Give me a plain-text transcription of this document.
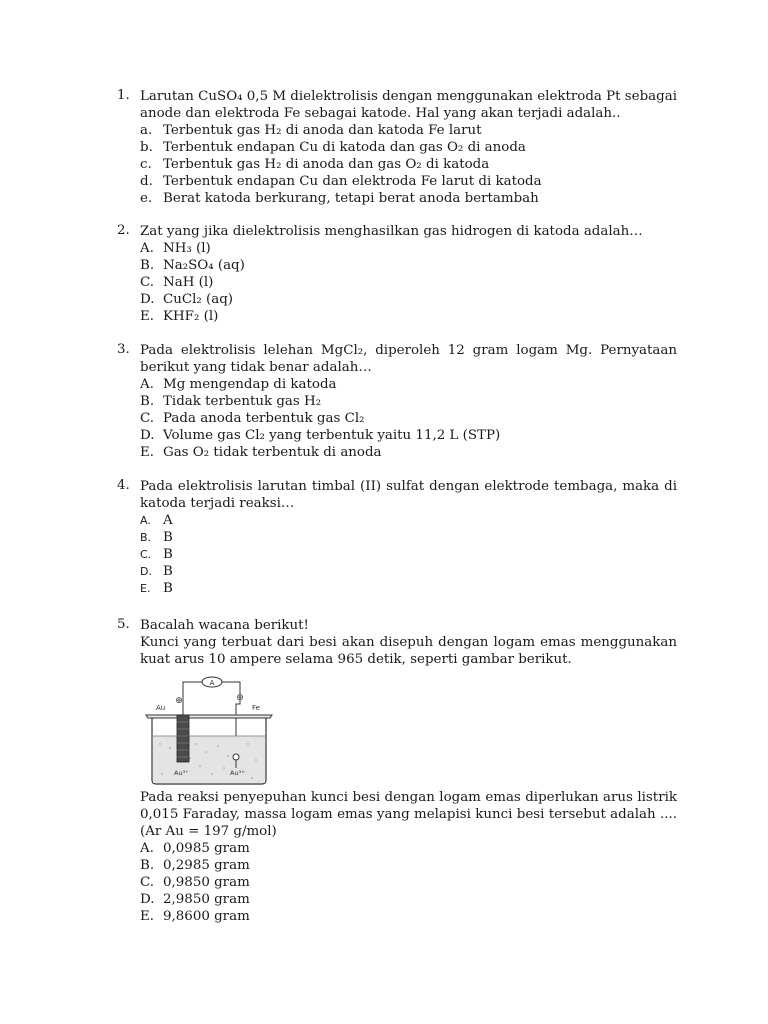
1. Larutan CuSO₄ 0,5 M dielektrolisis dengan menggunakan elektroda Pt sebagai anode dan elektroda Fe sebagai katode. Hal yang akan terjadi adalah..
a. Terbentuk gas H₂ di anoda dan katoda Fe larut
b. Terbentuk endapan Cu di katoda dan gas O₂ di anoda
c. Terbentuk gas H₂ di anoda dan gas O₂ di katoda
d. Terbentuk endapan Cu dan elektroda Fe larut di katoda
e. Berat katoda berkurang, tetapi berat anoda bertambah
2. Zat yang jika dielektrolisis menghasilkan gas hidrogen di katoda adalah…
A. NH₃ (l)
B. Na₂SO₄ (aq)
C. NaH (l)
D. CuCl₂ (aq)
E. KHF₂ (l)
3. Pada elektrolisis lelehan MgCl₂, diperoleh 12 gram logam Mg. Pernyataan berikut yang tidak benar adalah…
A. Mg mengendap di katoda
B. Tidak terbentuk gas H₂
C. Pada anoda terbentuk gas Cl₂
D. Volume gas Cl₂ yang terbentuk yaitu 11,2 L (STP)
E. Gas O₂ tidak terbentuk di anoda
4. Pada elektrolisis larutan timbal (II) sulfat dengan elektrode tembaga, maka di katoda terjadi reaksi…
A. A
B. B
C. B
D. B
E. B
5. Bacalah wacana berikut!
Kunci yang terbuat dari besi akan disepuh dengan logam emas menggunakan kuat arus 10 ampere selama 965 detik, seperti gambar berikut.
A
⊕	⊖
Au	Fe
Au³⁺	Au³⁺
Pada reaksi penyepuhan kunci besi dengan logam emas diperlukan arus listrik 0,015 Faraday, massa logam emas yang melapisi kunci besi tersebut adalah .... (Ar Au = 197 g/mol)
A. 0,0985 gram
B. 0,2985 gram
C. 0,9850 gram
D. 2,9850 gram
E. 9,8600 gram
